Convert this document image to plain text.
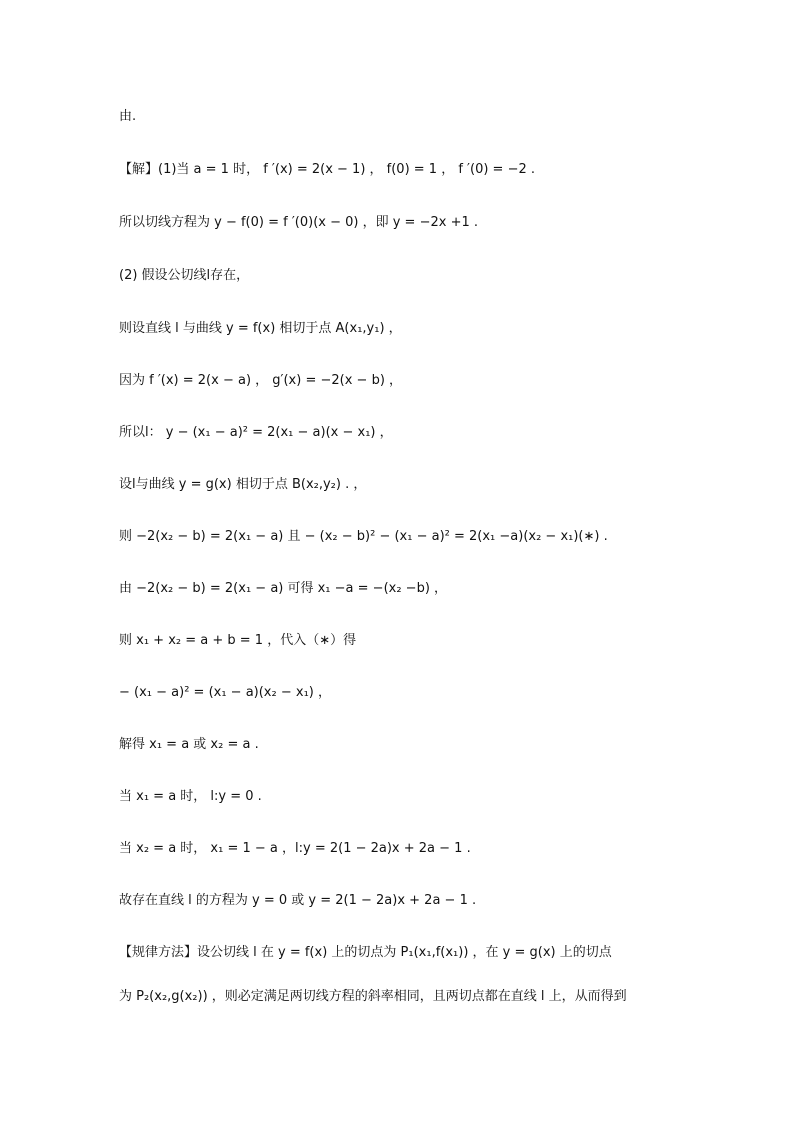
由.
【解】(1)当 a = 1 时， f ′(x) = 2(x − 1) ， f(0) = 1 ， f ′(0) = −2 .
所以切线方程为 y − f(0) = f ′(0)(x − 0) ，即 y = −2x +1 .
(2) 假设公切线l存在，
则设直线 l 与曲线 y = f(x) 相切于点 A(x₁,y₁) ，
因为 f ′(x) = 2(x − a) ， g′(x) = −2(x − b) ，
所以l： y − (x₁ − a)² = 2(x₁ − a)(x − x₁) ，
设l与曲线 y = g(x) 相切于点 B(x₂,y₂) . ，
则 −2(x₂ − b) = 2(x₁ − a) 且 − (x₂ − b)² − (x₁ − a)² = 2(x₁ −a)(x₂ − x₁)(∗) .
由 −2(x₂ − b) = 2(x₁ − a) 可得 x₁ −a = −(x₂ −b) ，
则 x₁ + x₂ = a + b = 1 ，代入（∗）得
− (x₁ − a)² = (x₁ − a)(x₂ − x₁) ，
解得 x₁ = a 或 x₂ = a .
当 x₁ = a 时， l:y = 0 .
当 x₂ = a 时， x₁ = 1 − a ，l:y = 2(1 − 2a)x + 2a − 1 .
故存在直线 l 的方程为 y = 0 或 y = 2(1 − 2a)x + 2a − 1 .
【规律方法】设公切线 l 在 y = f(x) 上的切点为 P₁(x₁,f(x₁)) ，在 y = g(x) 上的切点
为 P₂(x₂,g(x₂)) ，则必定满足两切线方程的斜率相同，且两切点都在直线 l 上，从而得到
